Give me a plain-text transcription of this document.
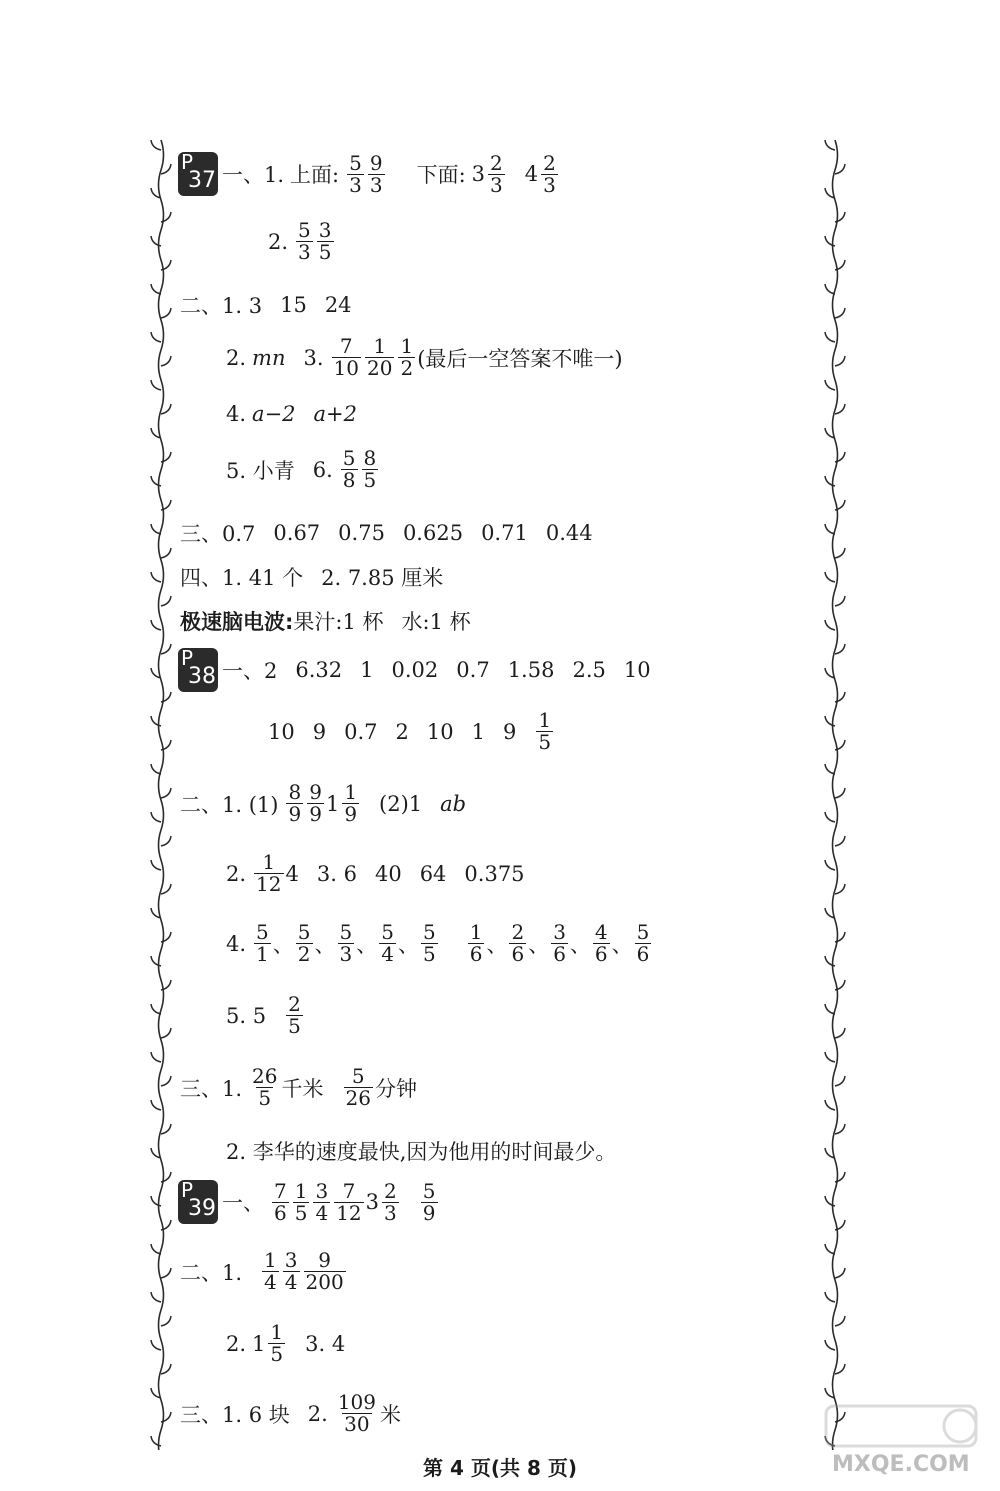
P
37 一、1. 上面: $\frac{5}{3} \frac{9}{3}$ 下面: $3 \frac{2}{3} 4 \frac{2}{3}$
2. $\frac{5}{3} \frac{3}{5}$
二、1. 3 15 24
2. mn 3. $\frac{7}{10} \frac{1}{20} \frac{1}{2}$ (最后一空答案不唯一)
4. a−2 a+2
5. 小青 6. $\frac{5}{8} \frac{8}{5}$
三、0.7 0.67 0.75 0.625 0.71 0.44
四、1. 41 个 2. 7.85 厘米
极速脑电波: 果汁:1 杯 水:1 杯
P
38 一、2 6.32 1 0.02 0.7 1.58 2.5 10
10 9 0.7 2 10 1 $9 \frac{1}{5}$
二、1. $(1) \frac{8}{9} \frac{9}{9} 1 \frac{1}{9} (2)1$ ab
2. $\frac{1}{12} 4$ 3. 6 40 64 0.375
4. $\frac{5}{1}$ 、 $\frac{5}{2}$ 、 $\frac{5}{3}$ 、 $\frac{5}{4}$ 、 $\frac{5}{5} \frac{1}{6}$ 、 $\frac{2}{6}$ 、 $\frac{3}{6}$ 、 $\frac{4}{6}$ 、 $\frac{5}{6}$
5. $5 \frac{2}{5}$
三、1. $\frac{26}{5}$ 千米 $\frac{5}{26}$ 分钟
2. 李华的速度最快,因为他用的时间最少。
P
39 一、 $\frac{7}{6} \frac{1}{5} \frac{3}{4} \frac{7}{12} 3 \frac{2}{3} \frac{5}{9}$
二、1. $\frac{1}{4} \frac{3}{4} \frac{9}{200}$
2. $1 \frac{1}{5} 3$. 4
三、1. 6 块 2. $\frac{109}{30}$ 米
MXQE.COM
第 4 页(共 8 页)
